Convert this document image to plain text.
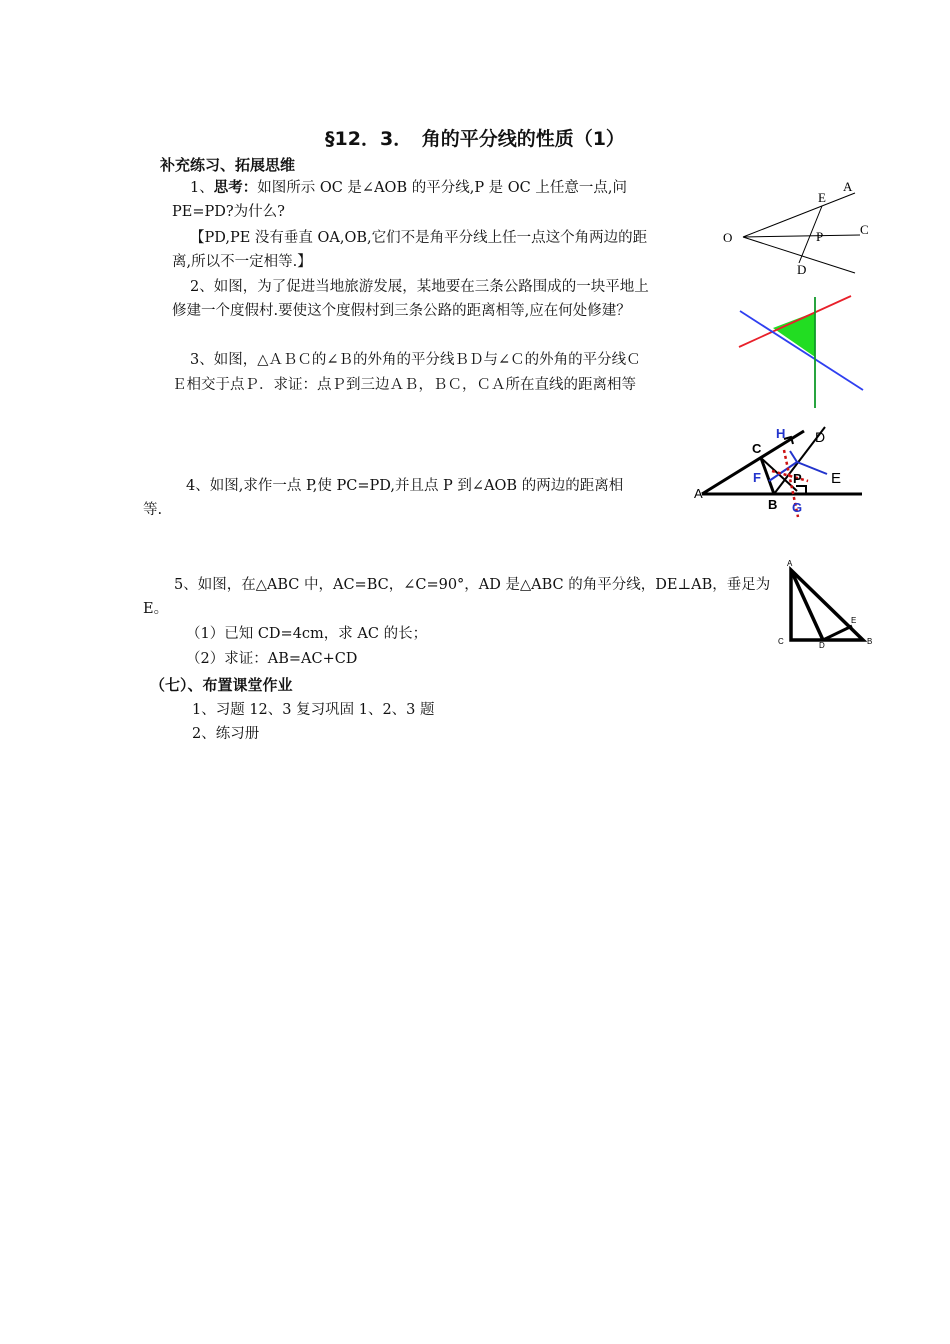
§12．3．　角的平分线的性质（1）
补充练习、拓展思维
1、思考：如图所示 OC 是∠AOB 的平分线,P 是 OC 上任意一点,问
PE=PD?为什么?
【PD,PE 没有垂直 OA,OB,它们不是角平分线上任一点这个角两边的距
离,所以不一定相等.】
2、如图，为了促进当地旅游发展，某地要在三条公路围成的一块平地上
修建一个度假村.要使这个度假村到三条公路的距离相等,应在何处修建？
3、如图，△ＡＢＣ的∠Ｂ的外角的平分线ＢＤ与∠Ｃ的外角的平分线Ｃ
Ｅ相交于点Ｐ．求证：点Ｐ到三边ＡＢ，ＢＣ，ＣＡ所在直线的距离相等
4、如图,求作一点 P,使 PC=PD,并且点 P 到∠AOB 的两边的距离相
等.
5、如图，在△ABC 中，AC=BC，∠C=90°，AD 是△ABC 的角平分线，DE⊥AB，垂足为
E。
（1）已知 CD=4cm，求 AC 的长；
（2）求证：AB=AC+CD
（七）、布置课堂作业
1、习题 12、3 复习巩固 1、2、3 题
2、练习册
O
A
E
C
P
D
A
C
B
D
E
F
G
H
P
A
C	D
E
B
